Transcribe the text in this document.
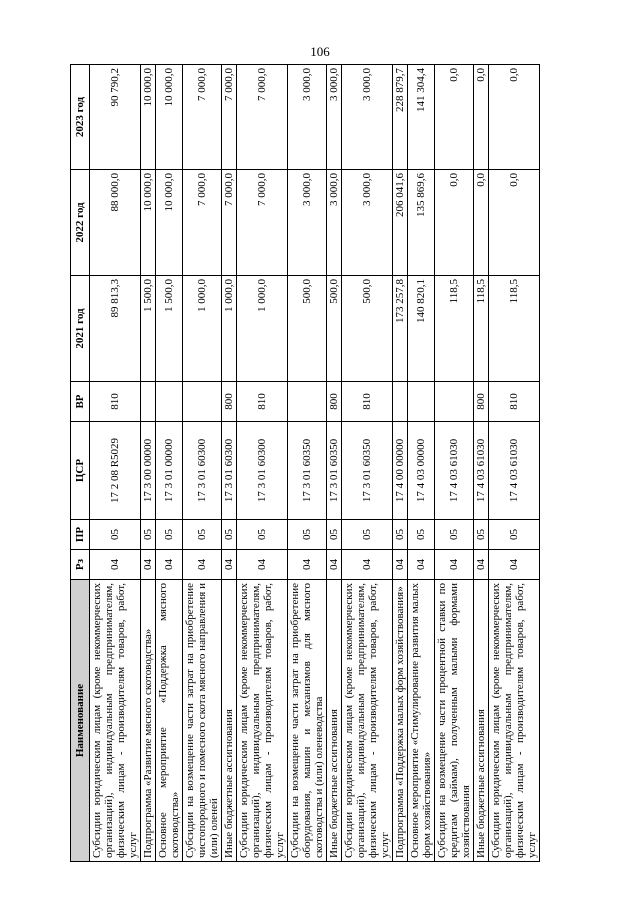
106
Наименование	Рз	ПР	ЦСР	ВР	2021 год	2022 год	2023 год
Субсидии юридическим лицам (кроме некоммерческих организаций), индивидуальным предпринимателям, физическим лицам - производителям товаров, работ, услуг	04	05	17 2 08 R5029	810	89 813,3	88 000,0	90 790,2
Подпрограмма «Развитие мясного скотоводства»	04	05	17 3 00 00000		1 500,0	10 000,0	10 000,0
Основное мероприятие «Поддержка мясного скотоводства»	04	05	17 3 01 00000		1 500,0	10 000,0	10 000,0
Субсидии на возмещение части затрат на приобретение чистопородного и помесного скота мясного направления и (или) оленей	04	05	17 3 01 60300		1 000,0	7 000,0	7 000,0
Иные бюджетные ассигнования	04	05	17 3 01 60300	800	1 000,0	7 000,0	7 000,0
Субсидии юридическим лицам (кроме некоммерческих организаций), индивидуальным предпринимателям, физическим лицам - производителям товаров, работ, услуг	04	05	17 3 01 60300	810	1 000,0	7 000,0	7 000,0
Субсидии на возмещение части затрат на приобретение оборудования, машин и механизмов для мясного скотоводства и (или) оленеводства	04	05	17 3 01 60350		500,0	3 000,0	3 000,0
Иные бюджетные ассигнования	04	05	17 3 01 60350	800	500,0	3 000,0	3 000,0
Субсидии юридическим лицам (кроме некоммерческих организаций), индивидуальным предпринимателям, физическим лицам - производителям товаров, работ, услуг	04	05	17 3 01 60350	810	500,0	3 000,0	3 000,0
Подпрограмма «Поддержка малых форм хозяйствования»	04	05	17 4 00 00000		173 257,8	206 041,6	228 879,7
Основное мероприятие «Стимулирование развития малых форм хозяйствования»	04	05	17 4 03 00000		140 820,1	135 869,6	141 304,4
Субсидии на возмещение части процентной ставки по кредитам (займам), полученным малыми формами хозяйствования	04	05	17 4 03 61030		118,5	0,0	0,0
Иные бюджетные ассигнования	04	05	17 4 03 61030	800	118,5	0,0	0,0
Субсидии юридическим лицам (кроме некоммерческих организаций), индивидуальным предпринимателям, физическим лицам - производителям товаров, работ, услуг	04	05	17 4 03 61030	810	118,5	0,0	0,0
